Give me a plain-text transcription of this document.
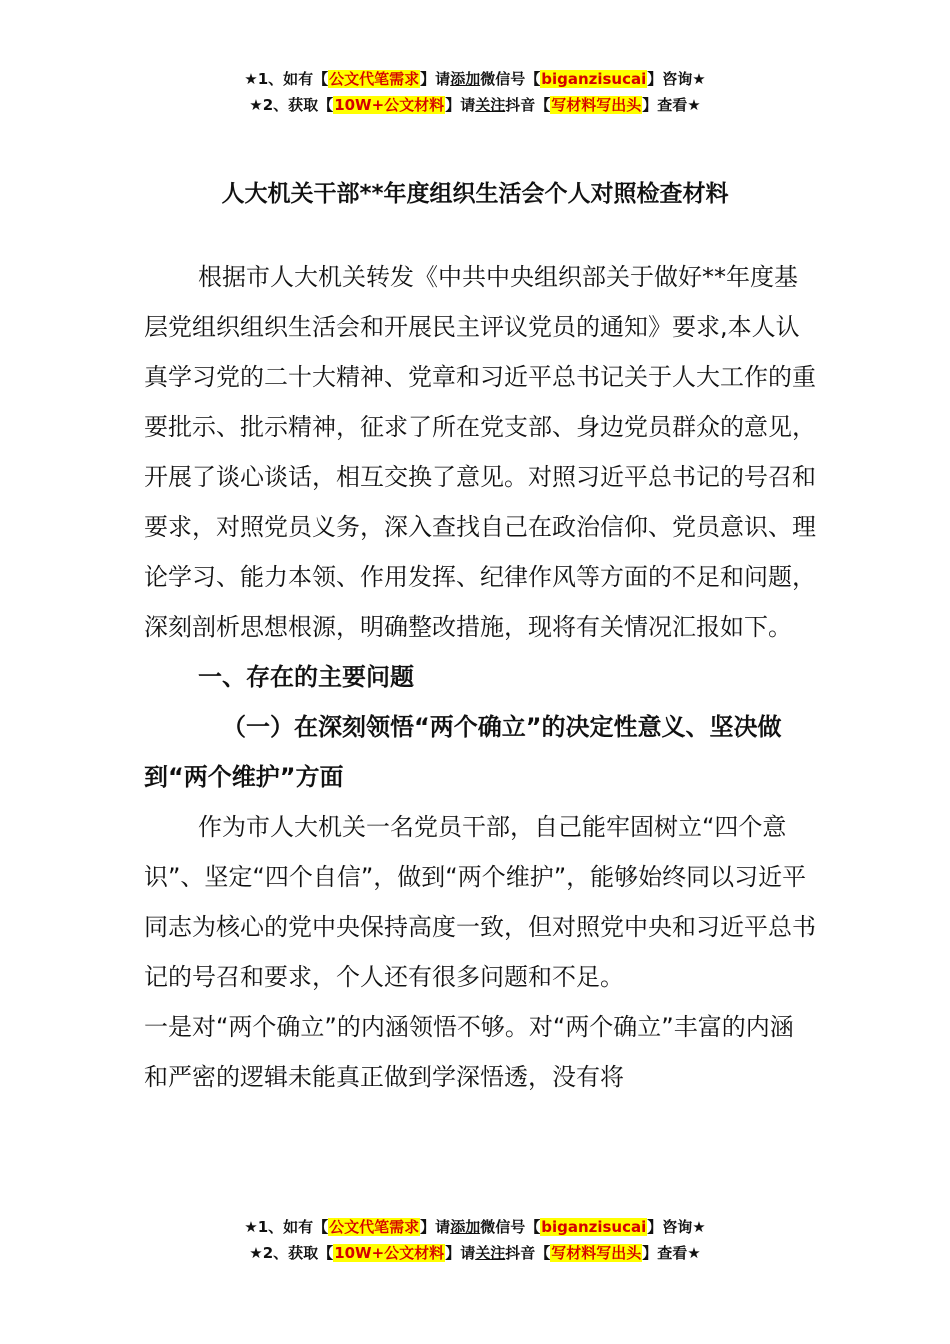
★1、如有【公文代笔需求】请添加微信号【biganzisucai】咨询★
★2、获取【10W+公文材料】请关注抖音【写材料写出头】查看★
人大机关干部**年度组织生活会个人对照检查材料

根据市人大机关转发《中共中央组织部关于做好**年度基层党组织组织生活会和开展民主评议党员的通知》要求,本人认真学习党的二十大精神、党章和习近平总书记关于人大工作的重要批示、批示精神，征求了所在党支部、身边党员群众的意见，开展了谈心谈话，相互交换了意见。对照习近平总书记的号召和要求，对照党员义务，深入查找自己在政治信仰、党员意识、理论学习、能力本领、作用发挥、纪律作风等方面的不足和问题，深刻剖析思想根源，明确整改措施，现将有关情况汇报如下。

一、存在的主要问题

（一）在深刻领悟“两个确立”的决定性意义、坚决做到“两个维护”方面

作为市人大机关一名党员干部，自己能牢固树立“四个意识”、坚定“四个自信”，做到“两个维护”，能够始终同以习近平同志为核心的党中央保持高度一致，但对照党中央和习近平总书记的号召和要求，个人还有很多问题和不足。

一是对“两个确立”的内涵领悟不够。对“两个确立”丰富的内涵和严密的逻辑未能真正做到学深悟透，没有将

★1、如有【公文代笔需求】请添加微信号【biganzisucai】咨询★
★2、获取【10W+公文材料】请关注抖音【写材料写出头】查看★
